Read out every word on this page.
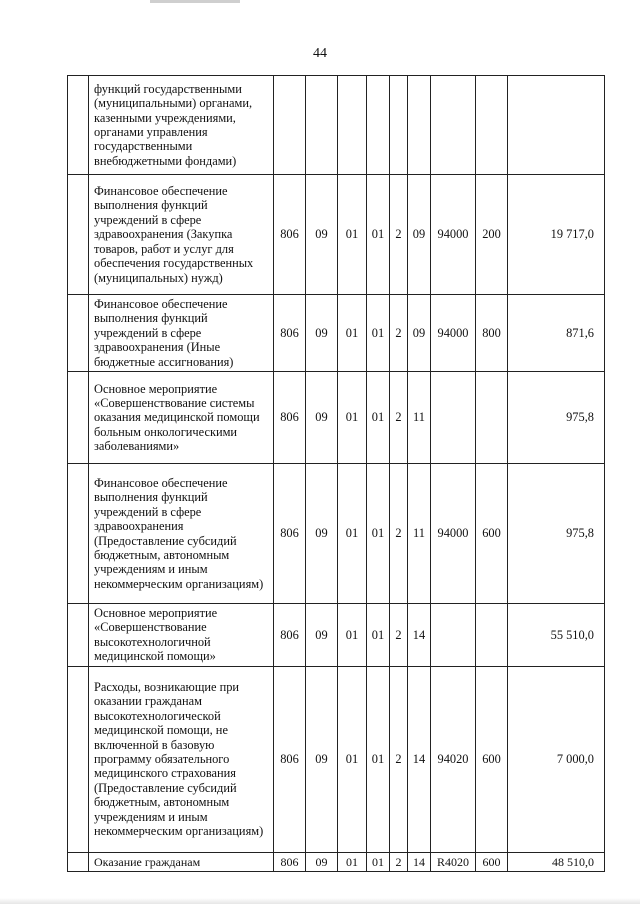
44
	функций государственными (муниципальными) органами, казенными учреждениями, органами управления государственными внебюджетными фондами)									
	Финансовое обеспечение выполнения функций учреждений в сфере здравоохранения (Закупка товаров, работ и услуг для обеспечения государственных (муниципальных) нужд)	806	09	01	01	2	09	94000	200	19 717,0
	Финансовое обеспечение выполнения функций учреждений в сфере здравоохранения (Иные бюджетные ассигнования)	806	09	01	01	2	09	94000	800	871,6
	Основное мероприятие «Совершенствование системы оказания медицинской помощи больным онкологическими заболеваниями»	806	09	01	01	2	11			975,8
	Финансовое обеспечение выполнения функций учреждений в сфере здравоохранения (Предоставление субсидий бюджетным, автономным учреждениям и иным некоммерческим организациям)	806	09	01	01	2	11	94000	600	975,8
	Основное мероприятие «Совершенствование высокотехнологичной медицинской помощи»	806	09	01	01	2	14			55 510,0
	Расходы, возникающие при оказании гражданам высокотехнологической медицинской помощи, не включенной в базовую программу обязательного медицинского страхования (Предоставление субсидий бюджетным, автономным учреждениям и иным некоммерческим организациям)	806	09	01	01	2	14	94020	600	7 000,0
	Оказание гражданам	806	09	01	01	2	14	R4020	600	48 510,0
